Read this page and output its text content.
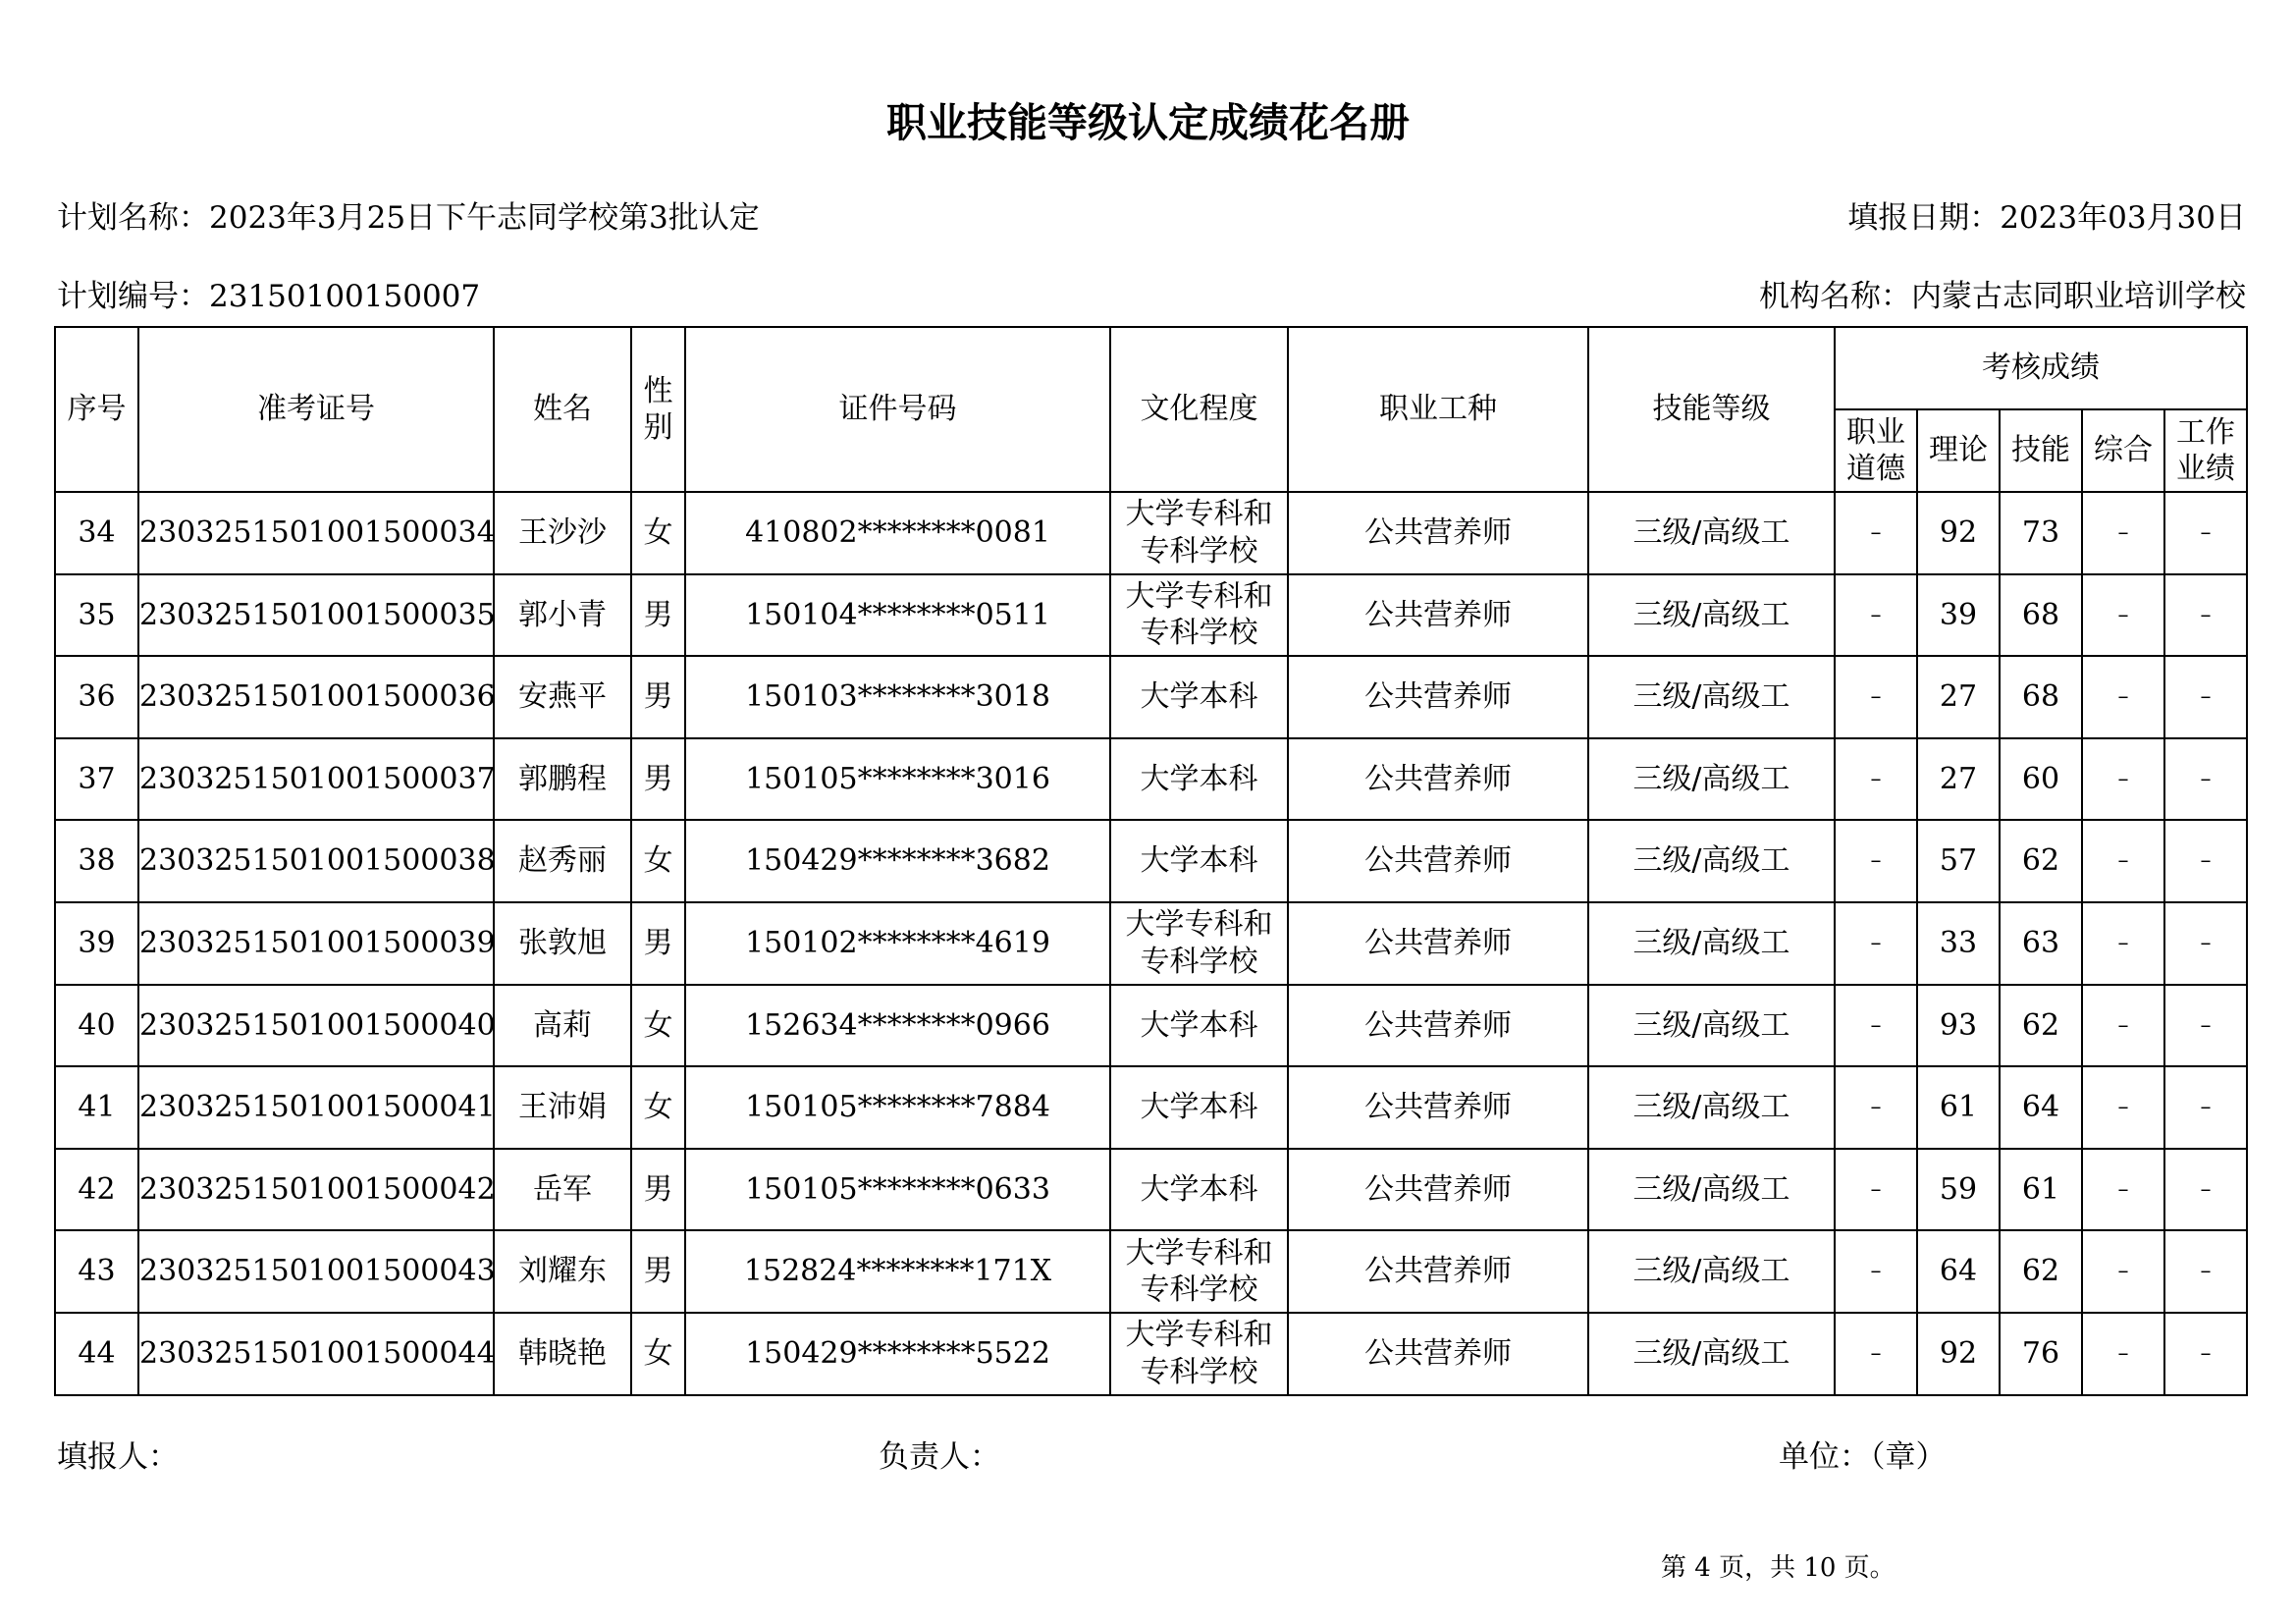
职业技能等级认定成绩花名册
计划名称：2023年3月25日下午志同学校第3批认定	填报日期：2023年03月30日
计划编号：23150100150007	机构名称：内蒙古志同职业培训学校
序号	准考证号	姓名	性别	证件号码	文化程度	职业工种	技能等级	考核成绩				

								职业道德	理论	技能	综合	工作业绩

34	2303251501001500034	王沙沙	女	410802********0081	大学专科和专科学校	公共营养师	三级/高级工	–	92	73	–	–
35	2303251501001500035	郭小青	男	150104********0511	大学专科和专科学校	公共营养师	三级/高级工	–	39	68	–	–
36	2303251501001500036	安燕平	男	150103********3018	大学本科	公共营养师	三级/高级工	–	27	68	–	–
37	2303251501001500037	郭鹏程	男	150105********3016	大学本科	公共营养师	三级/高级工	–	27	60	–	–
38	2303251501001500038	赵秀丽	女	150429********3682	大学本科	公共营养师	三级/高级工	–	57	62	–	–
39	2303251501001500039	张敦旭	男	150102********4619	大学专科和专科学校	公共营养师	三级/高级工	–	33	63	–	–
40	2303251501001500040	高莉	女	152634********0966	大学本科	公共营养师	三级/高级工	–	93	62	–	–
41	2303251501001500041	王沛娟	女	150105********7884	大学本科	公共营养师	三级/高级工	–	61	64	–	–
42	2303251501001500042	岳军	男	150105********0633	大学本科	公共营养师	三级/高级工	–	59	61	–	–
43	2303251501001500043	刘耀东	男	152824********171X	大学专科和专科学校	公共营养师	三级/高级工	–	64	62	–	–
44	2303251501001500044	韩晓艳	女	150429********5522	大学专科和专科学校	公共营养师	三级/高级工	–	92	76	–	–
填报人：	负责人：	单位：（章）
第 4 页，共 10 页。
